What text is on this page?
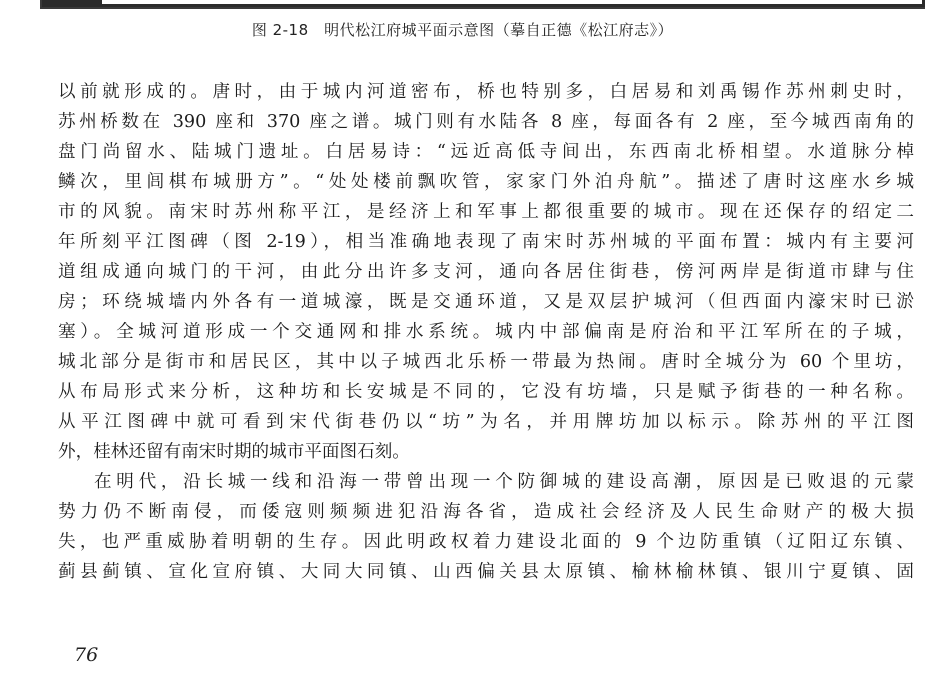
图 2-18　明代松江府城平面示意图（摹自正德《松江府志》）
以前就形成的。唐时，由于城内河道密布，桥也特别多，白居易和刘禹锡作苏州刺史时，
苏州桥数在 390 座和 370 座之谱。城门则有水陆各 8 座，每面各有 2 座，至今城西南角的
盘门尚留水、陆城门遗址。白居易诗：“远近高低寺间出，东西南北桥相望。水道脉分棹
鳞次，里闾棋布城册方”。“处处楼前飘吹管，家家门外泊舟航”。描述了唐时这座水乡城
市的风貌。南宋时苏州称平江，是经济上和军事上都很重要的城市。现在还保存的绍定二
年所刻平江图碑（图 2-19），相当准确地表现了南宋时苏州城的平面布置：城内有主要河
道组成通向城门的干河，由此分出许多支河，通向各居住街巷，傍河两岸是街道市肆与住
房；环绕城墙内外各有一道城濠，既是交通环道，又是双层护城河（但西面内濠宋时已淤
塞）。全城河道形成一个交通网和排水系统。城内中部偏南是府治和平江军所在的子城，
城北部分是街市和居民区，其中以子城西北乐桥一带最为热闹。唐时全城分为 60 个里坊，
从布局形式来分析，这种坊和长安城是不同的，它没有坊墙，只是赋予街巷的一种名称。
从平江图碑中就可看到宋代街巷仍以“坊”为名，并用牌坊加以标示。除苏州的平江图
外，桂林还留有南宋时期的城市平面图石刻。
在明代，沿长城一线和沿海一带曾出现一个防御城的建设高潮，原因是已败退的元蒙
势力仍不断南侵，而倭寇则频频进犯沿海各省，造成社会经济及人民生命财产的极大损
失，也严重威胁着明朝的生存。因此明政权着力建设北面的 9 个边防重镇（辽阳辽东镇、
蓟县蓟镇、宣化宣府镇、大同大同镇、山西偏关县太原镇、榆林榆林镇、银川宁夏镇、固
76
